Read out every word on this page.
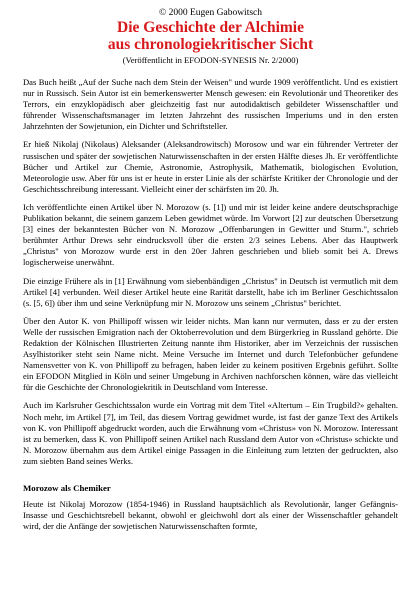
© 2000 Eugen Gabowitsch
Die Geschichte der Alchimie
aus chronologiekritischer Sicht
(Veröffentlicht in EFODON-SYNESIS Nr. 2/2000)

Das Buch heißt „Auf der Suche nach dem Stein der Weisen" und wurde 1909 veröffentlicht. Und es existiert nur in Russisch. Sein Autor ist ein bemerkenswerter Mensch gewesen: ein Revolutionär und Theoretiker des Terrors, ein enzyklopädisch aber gleichzeitig fast nur autodidaktisch gebildeter Wissenschaftler und führender Wissenschaftsmanager im letzten Jahrzehnt des russischen Imperiums und in den ersten Jahrzehnten der Sowjetunion, ein Dichter und Schriftsteller.

Er hieß Nikolaj (Nikolaus) Aleksander (Aleksandrowitsch) Morosow und war ein führender Vertreter der russischen und später der sowjetischen Naturwissenschaften in der ersten Hälfte dieses Jh. Er veröffentlichte Bücher und Artikel zur Chemie, Astronomie, Astrophysik, Mathematik, biologischen Evolution, Meteorologie usw. Aber für uns ist er heute in erster Linie als der schärfste Kritiker der Chronologie und der Geschichtsschreibung interessant. Vielleicht einer der schärfsten im 20. Jh.

Ich veröffentlichte einen Artikel über N. Morozow (s. [1]) und mir ist leider keine andere deutschsprachige Publikation bekannt, die seinem ganzem Leben gewidmet würde. Im Vorwort [2] zur deutschen Übersetzung [3] eines der bekanntesten Bücher von N. Morozow „Offenbarungen in Gewitter und Sturm.", schrieb berühmter Arthur Drews sehr eindrucksvoll über die ersten 2/3 seines Lebens. Aber das Hauptwerk „Christus" von Morozow wurde erst in den 20er Jahren geschrieben und blieb somit bei A. Drews logischerweise unerwähnt.

Die einzige Frühere als in [1] Erwähnung vom siebenbändigen „Christus" in Deutsch ist vermutlich mit dem Artikel [4] verbunden. Weil dieser Artikel heute eine Rarität darstellt, habe ich im Berliner Geschichtssalon (s. [5, 6]) über ihm und seine Verknüpfung mir N. Morozow uns seinem „Christus" berichtet.

Über den Autor K. von Phillipoff wissen wir leider nichts. Man kann nur vermuten, dass er zu der ersten Welle der russischen Emigration nach der Oktoberrevolution und dem Bürgerkrieg in Russland gehörte. Die Redaktion der Kölnischen Illustrierten Zeitung nannte ihm Historiker, aber im Verzeichnis der russischen Asylhistoriker steht sein Name nicht. Meine Versuche im Internet und durch Telefonbücher gefundene Namensvetter von K. von Phillipoff zu befragen, haben leider zu keinem positiven Ergebnis geführt. Sollte ein EFODON Mitglied in Köln und seiner Umgebung in Archiven nachforschen können, wäre das vielleicht für die Geschichte der Chronologiekritik in Deutschland vom Interesse.

Auch im Karlsruher Geschichtssalon wurde ein Vortrag mit dem Titel «Altertum – Ein Trugbild?» gehalten. Noch mehr, im Artikel [7], im Teil, das diesem Vortrag gewidmet wurde, ist fast der ganze Text des Artikels von K. von Phillipoff abgedruckt worden, auch die Erwähnung vom «Christus» von N. Morozow. Interessant ist zu bemerken, dass K. von Phillipoff seinen Artikel nach Russland dem Autor von «Christus» schickte und N. Morozow übernahm aus dem Artikel einige Passagen in die Einleitung zum letzten der gedruckten, also zum siebten Band seines Werks.

Morozow als Chemiker

Heute ist Nikolaj Morozow (1854-1946) in Russland hauptsächlich als Revolutionär, langer Gefängnis-Insasse und Geschichtsrebell bekannt, obwohl er gleichwohl dort als einer der Wissenschaftler gehandelt wird, der die Anfänge der sowjetischen Naturwissenschaften formte,
